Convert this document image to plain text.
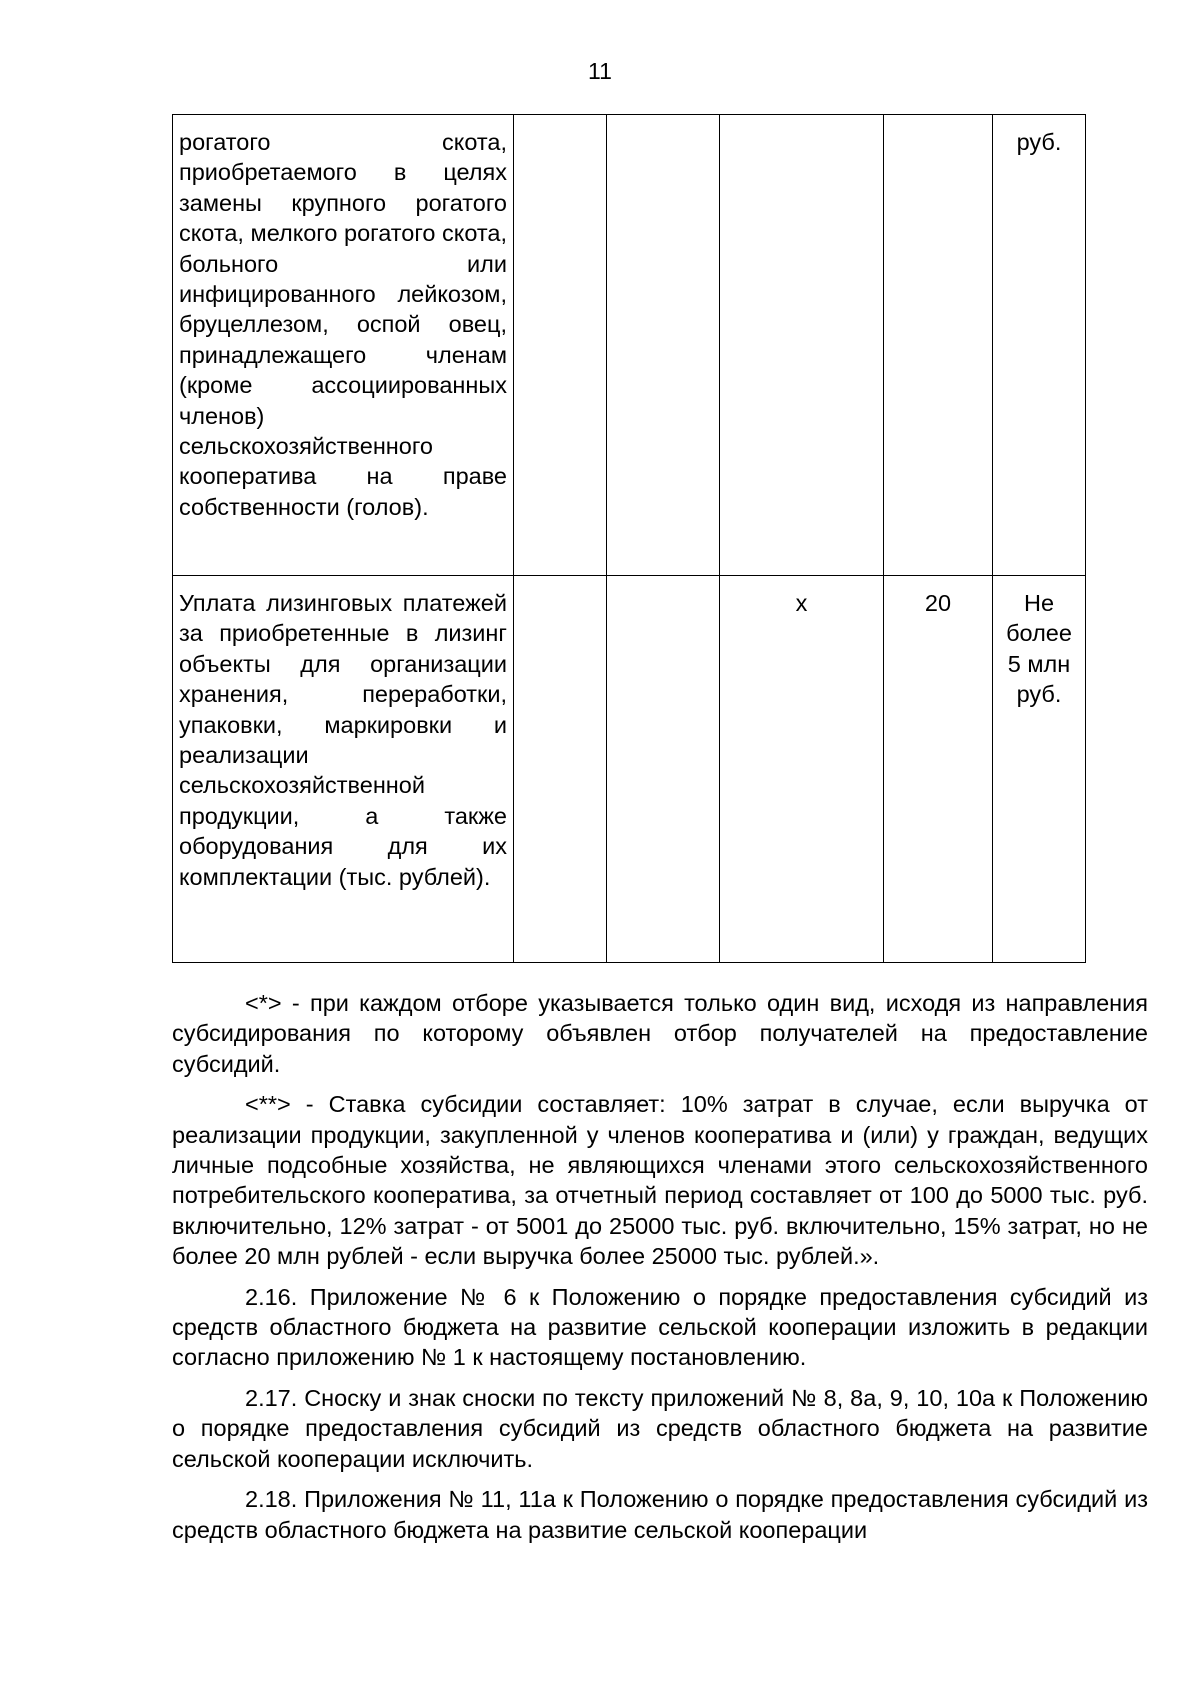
11
рогатого скота, приобретаемого в целях замены крупного рогатого скота, мелкого рогатого скота, больного или инфицированного лейкозом, бруцеллезом, оспой овец, принадлежащего членам (кроме ассоциированных членов) сельскохозяйственного кооператива на праве собственности (голов).					руб.
Уплата лизинговых платежей за приобретенные в лизинг объекты для организации хранения, переработки, упаковки, маркировки и реализации сельскохозяйственной продукции, а также оборудования для их комплектации (тыс. рублей).			х	20	Не более 5 млн руб.

<*> - при каждом отборе указывается только один вид, исходя из направления субсидирования по которому объявлен отбор получателей на предоставление субсидий.

<**> - Ставка субсидии составляет: 10% затрат в случае, если выручка от реализации продукции, закупленной у членов кооператива и (или) у граждан, ведущих личные подсобные хозяйства, не являющихся членами этого сельскохозяйственного потребительского кооператива, за отчетный период составляет от 100 до 5000 тыс. руб. включительно, 12% затрат - от 5001 до 25000 тыс. руб. включительно, 15% затрат, но не более 20 млн рублей - если выручка более 25000 тыс. рублей.».

2.16. Приложение № 6 к Положению о порядке предоставления субсидий из средств областного бюджета на развитие сельской кооперации изложить в редакции согласно приложению № 1 к настоящему постановлению.

2.17. Сноску и знак сноски по тексту приложений № 8, 8а, 9, 10, 10а к Положению о порядке предоставления субсидий из средств областного бюджета на развитие сельской кооперации исключить.

2.18. Приложения № 11, 11а к Положению о порядке предоставления субсидий из средств областного бюджета на развитие сельской кооперации
